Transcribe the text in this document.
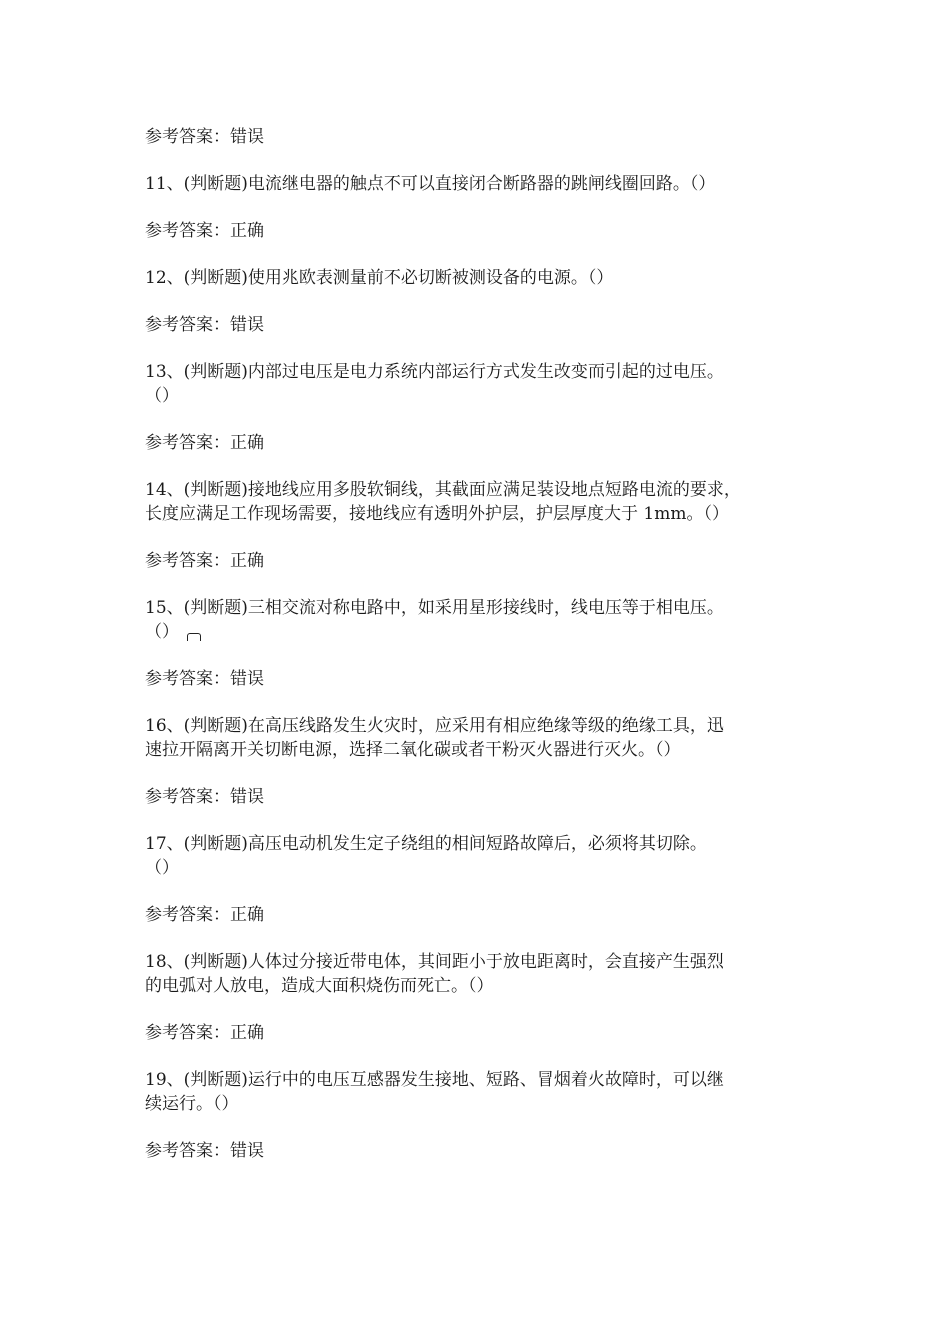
参考答案：错误

11、(判断题)电流继电器的触点不可以直接闭合断路器的跳闸线圈回路。（）

参考答案：正确

12、(判断题)使用兆欧表测量前不必切断被测设备的电源。（）

参考答案：错误

13、(判断题)内部过电压是电力系统内部运行方式发生改变而引起的过电压。
（）

参考答案：正确

14、(判断题)接地线应用多股软铜线，其截面应满足装设地点短路电流的要求，
长度应满足工作现场需要，接地线应有透明外护层，护层厚度大于 1mm。（）

参考答案：正确

15、(判断题)三相交流对称电路中，如采用星形接线时，线电压等于相电压。
（）

参考答案：错误

16、(判断题)在高压线路发生火灾时，应采用有相应绝缘等级的绝缘工具，迅
速拉开隔离开关切断电源，选择二氧化碳或者干粉灭火器进行灭火。（）

参考答案：错误

17、(判断题)高压电动机发生定子绕组的相间短路故障后，必须将其切除。
（）

参考答案：正确

18、(判断题)人体过分接近带电体，其间距小于放电距离时，会直接产生强烈
的电弧对人放电，造成大面积烧伤而死亡。（）

参考答案：正确

19、(判断题)运行中的电压互感器发生接地、短路、冒烟着火故障时，可以继
续运行。（）

参考答案：错误
